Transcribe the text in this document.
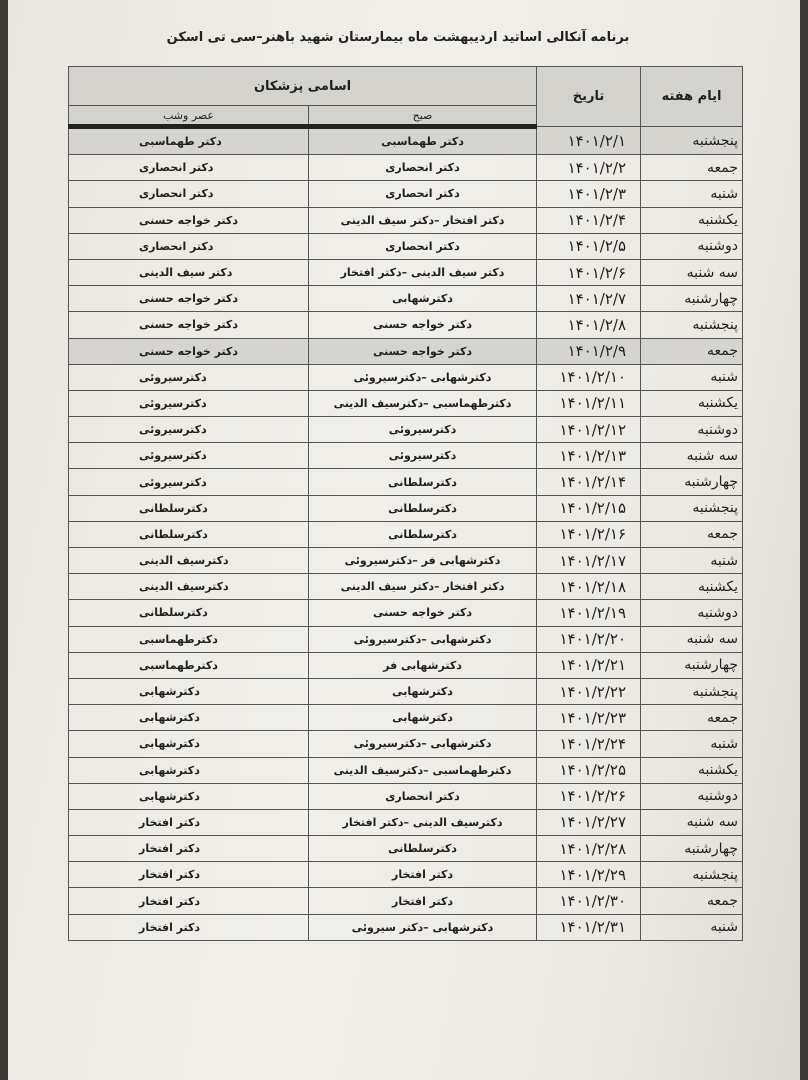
برنامه آنکالی اساتید اردیبهشت ماه بیمارستان شهید باهنر–سی تی اسکن
ایام هفته	تاریخ	اسامی پزشکان	
		صبح	عصر وشب
پنجشنبه	۱۴۰۱/۲/۱	دکتر طهماسبی	دکتر طهماسبی
جمعه	۱۴۰۱/۲/۲	دکتر انحصاری	دکتر انحصاری
شنبه	۱۴۰۱/۲/۳	دکتر انحصاری	دکتر انحصاری
یکشنبه	۱۴۰۱/۲/۴	دکتر افتخار –دکتر سیف الدینی	دکتر خواجه حسنی
دوشنبه	۱۴۰۱/۲/۵	دکتر انحصاری	دکتر انحصاری
سه شنبه	۱۴۰۱/۲/۶	دکتر سیف الدینی –دکتر افتخار	دکتر سیف الدینی
چهارشنبه	۱۴۰۱/۲/۷	دکترشهابی	دکتر خواجه حسنی
پنجشنبه	۱۴۰۱/۲/۸	دکتر خواجه حسنی	دکتر خواجه حسنی
جمعه	۱۴۰۱/۲/۹	دکتر خواجه حسنی	دکتر خواجه حسنی
شنبه	۱۴۰۱/۲/۱۰	دکترشهابی –دکترسیروئی	دکترسیروئی
یکشنبه	۱۴۰۱/۲/۱۱	دکترطهماسبی –دکترسیف الدینی	دکترسیروئی
دوشنبه	۱۴۰۱/۲/۱۲	دکترسیروئی	دکترسیروئی
سه شنبه	۱۴۰۱/۲/۱۳	دکترسیروئی	دکترسیروئی
چهارشنبه	۱۴۰۱/۲/۱۴	دکترسلطانی	دکترسیروئی
پنجشنبه	۱۴۰۱/۲/۱۵	دکترسلطانی	دکترسلطانی
جمعه	۱۴۰۱/۲/۱۶	دکترسلطانی	دکترسلطانی
شنبه	۱۴۰۱/۲/۱۷	دکترشهابی فر –دکترسیروئی	دکترسیف الدینی
یکشنبه	۱۴۰۱/۲/۱۸	دکتر افتخار –دکتر سیف الدینی	دکترسیف الدینی
دوشنبه	۱۴۰۱/۲/۱۹	دکتر خواجه حسنی	دکترسلطانی
سه شنبه	۱۴۰۱/۲/۲۰	دکترشهابی –دکترسیروئی	دکترطهماسبی
چهارشنبه	۱۴۰۱/۲/۲۱	دکترشهابی فر	دکترطهماسبی
پنجشنبه	۱۴۰۱/۲/۲۲	دکترشهابی	دکترشهابی
جمعه	۱۴۰۱/۲/۲۳	دکترشهابی	دکترشهابی
شنبه	۱۴۰۱/۲/۲۴	دکترشهابی –دکترسیروئی	دکترشهابی
یکشنبه	۱۴۰۱/۲/۲۵	دکترطهماسبی –دکترسیف الدینی	دکترشهابی
دوشنبه	۱۴۰۱/۲/۲۶	دکتر انحصاری	دکترشهابی
سه شنبه	۱۴۰۱/۲/۲۷	دکترسیف الدینی –دکتر افتخار	دکتر افتخار
چهارشنبه	۱۴۰۱/۲/۲۸	دکترسلطانی	دکتر افتخار
پنجشنبه	۱۴۰۱/۲/۲۹	دکتر افتخار	دکتر افتخار
جمعه	۱۴۰۱/۲/۳۰	دکتر افتخار	دکتر افتخار
شنبه	۱۴۰۱/۲/۳۱	دکترشهابی –دکتر سیروئی	دکتر افتخار
